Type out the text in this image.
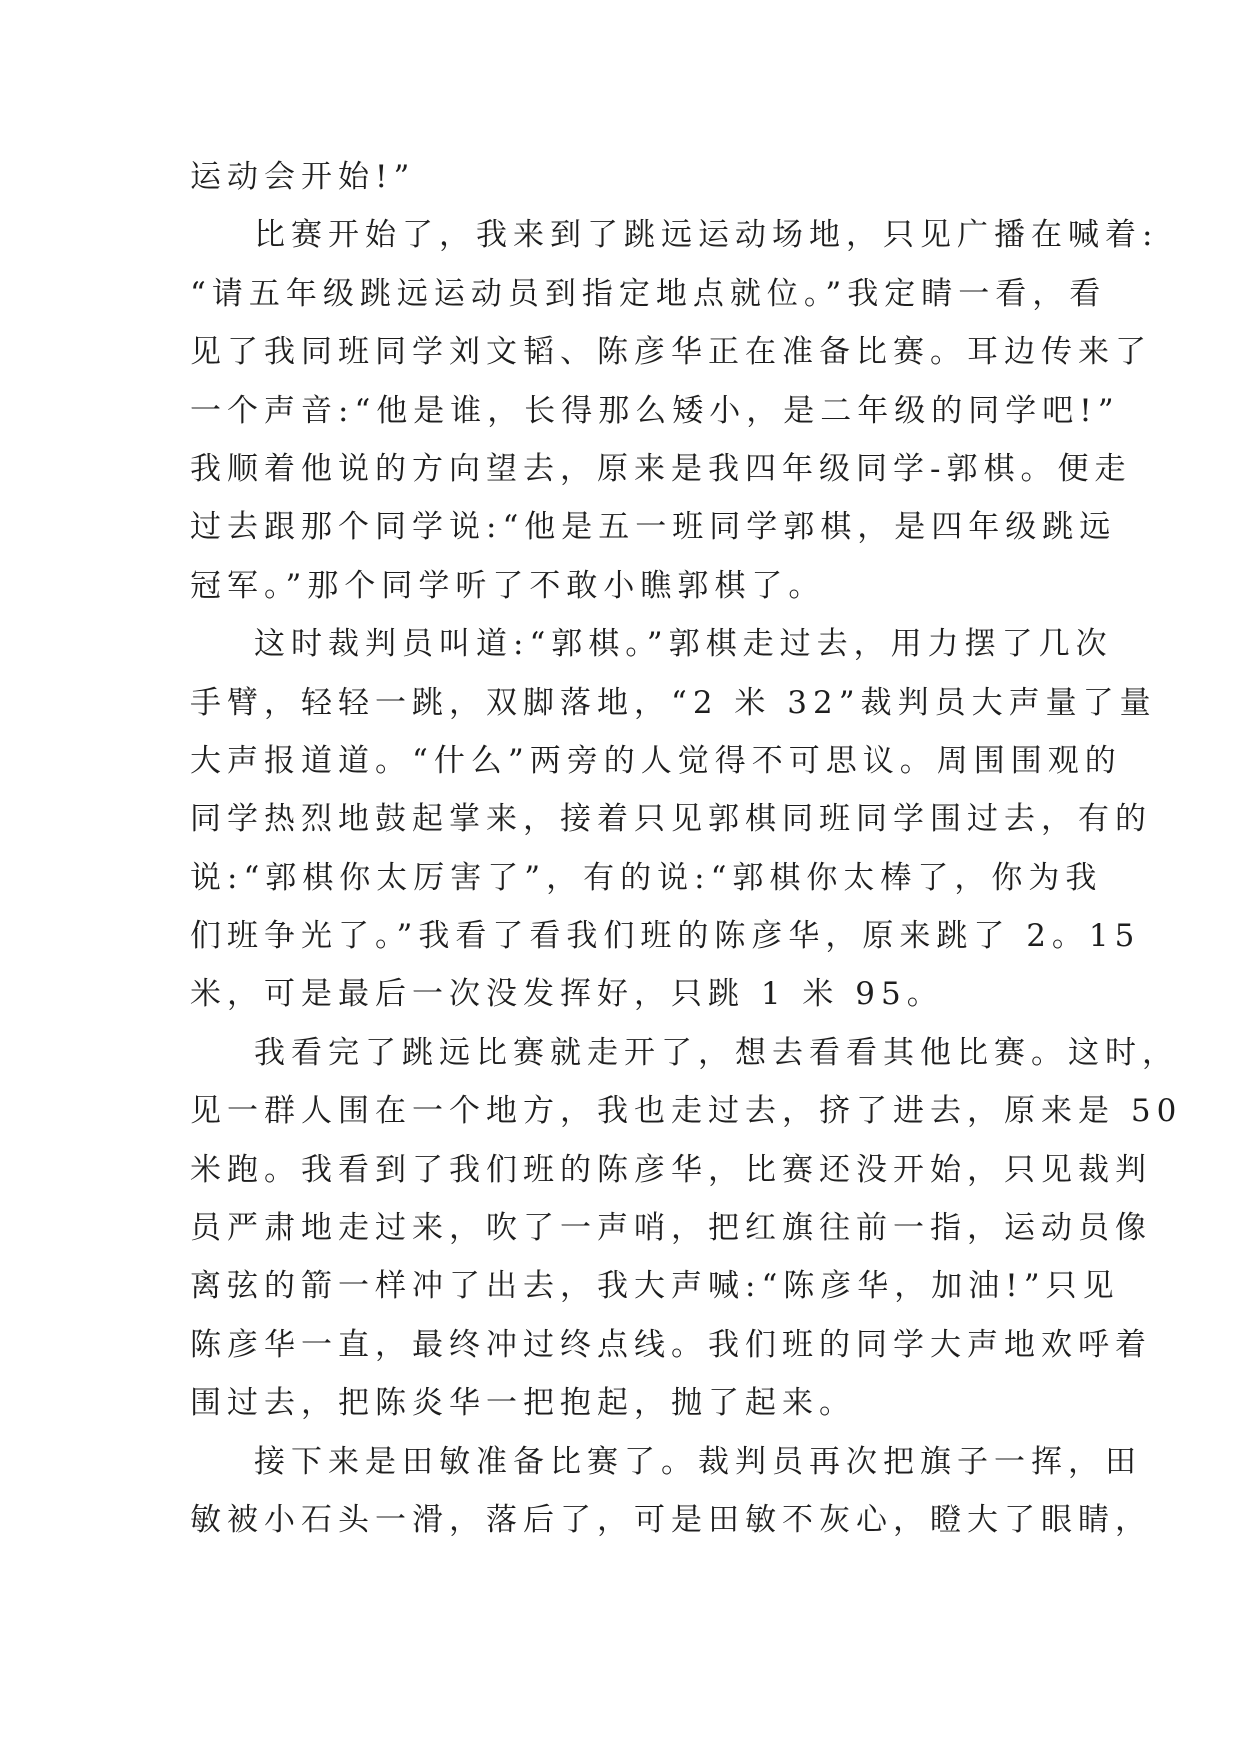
运动会开始!”
比赛开始了，我来到了跳远运动场地，只见广播在喊着:
“请五年级跳远运动员到指定地点就位。”我定睛一看，看
见了我同班同学刘文韬、陈彦华正在准备比赛。耳边传来了
一个声音:“他是谁，长得那么矮小，是二年级的同学吧!”
我顺着他说的方向望去，原来是我四年级同学-郭棋。便走
过去跟那个同学说:“他是五一班同学郭棋，是四年级跳远
冠军。”那个同学听了不敢小瞧郭棋了。
这时裁判员叫道:“郭棋。”郭棋走过去，用力摆了几次
手臂，轻轻一跳，双脚落地，“2 米 32”裁判员大声量了量
大声报道道。“什么”两旁的人觉得不可思议。周围围观的
同学热烈地鼓起掌来，接着只见郭棋同班同学围过去，有的
说:“郭棋你太厉害了”，有的说:“郭棋你太棒了，你为我
们班争光了。”我看了看我们班的陈彦华，原来跳了 2。15
米，可是最后一次没发挥好，只跳 1 米 95。
我看完了跳远比赛就走开了，想去看看其他比赛。这时，
见一群人围在一个地方，我也走过去，挤了进去，原来是 50
米跑。我看到了我们班的陈彦华，比赛还没开始，只见裁判
员严肃地走过来，吹了一声哨，把红旗往前一指，运动员像
离弦的箭一样冲了出去，我大声喊:“陈彦华，加油!”只见
陈彦华一直，最终冲过终点线。我们班的同学大声地欢呼着
围过去，把陈炎华一把抱起，抛了起来。
接下来是田敏准备比赛了。裁判员再次把旗子一挥，田
敏被小石头一滑，落后了，可是田敏不灰心，瞪大了眼睛，
